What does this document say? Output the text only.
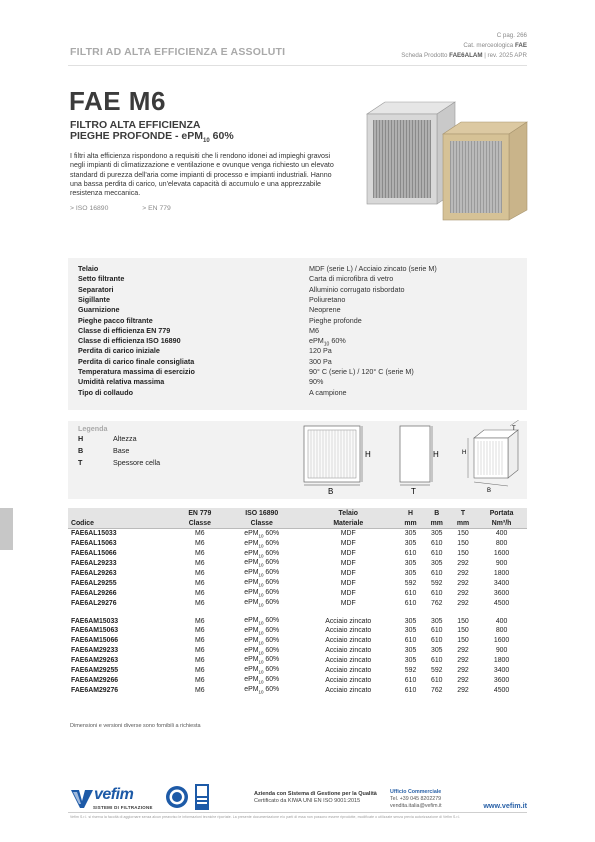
FILTRI AD ALTA EFFICIENZA E ASSOLUTI
C pag. 266
Cat. merceologica FAE
Scheda Prodotto FAE6ALAM | rev. 2025 APR
FAE M6
FILTRO ALTA EFFICIENZA
PIEGHE PROFONDE - ePM$_{10}$ 60%
I filtri alta efficienza rispondono a requisiti che li rendono idonei ad impieghi gravosi negli impianti di climatizzazione e ventilazione e ovunque venga richiesto un elevato standard di purezza dell'aria come impianti di processo e impianti industriali. Hanno una bassa perdita di carico, un'elevata capacità di accumulo e una apprezzabile resistenza meccanica.
> ISO 16890	> EN 779
Telaio	MDF (serie L) / Acciaio zincato (serie M)
Setto filtrante	Carta di microfibra di vetro
Separatori	Alluminio corrugato risbordato
Sigillante	Poliuretano
Guarnizione	Neoprene
Pieghe pacco filtrante	Pieghe profonde
Classe di efficienza EN 779	M6
Classe di efficienza ISO 16890	ePM$_{10}$ 60%
Perdita di carico iniziale	120 Pa
Perdita di carico finale consigliata	300 Pa
Temperatura massima di esercizio	90° C (serie L) / 120° C (serie M)
Umidità relativa massima	90%
Tipo di collaudo	A campione
Legenda
H	Altezza
B	Base
T	Spessore cella
H
B
H
T
H
B
T
	EN 779	ISO 16890	Telaio	H	B	T	Portata
Codice	Classe	Classe	Materiale	mm	mm	mm	Nm³/h
FAE6AL15033	M6	ePM$_{10}$ 60%	MDF	305	305	150	400
FAE6AL15063	M6	ePM$_{10}$ 60%	MDF	305	610	150	800
FAE6AL15066	M6	ePM$_{10}$ 60%	MDF	610	610	150	1600
FAE6AL29233	M6	ePM$_{10}$ 60%	MDF	305	305	292	900
FAE6AL29263	M6	ePM$_{10}$ 60%	MDF	305	610	292	1800
FAE6AL29255	M6	ePM$_{10}$ 60%	MDF	592	592	292	3400
FAE6AL29266	M6	ePM$_{10}$ 60%	MDF	610	610	292	3600
FAE6AL29276	M6	ePM$_{10}$ 60%	MDF	610	762	292	4500

FAE6AM15033	M6	ePM$_{10}$ 60%	Acciaio zincato	305	305	150	400
FAE6AM15063	M6	ePM$_{10}$ 60%	Acciaio zincato	305	610	150	800
FAE6AM15066	M6	ePM$_{10}$ 60%	Acciaio zincato	610	610	150	1600
FAE6AM29233	M6	ePM$_{10}$ 60%	Acciaio zincato	305	305	292	900
FAE6AM29263	M6	ePM$_{10}$ 60%	Acciaio zincato	305	610	292	1800
FAE6AM29255	M6	ePM$_{10}$ 60%	Acciaio zincato	592	592	292	3400
FAE6AM29266	M6	ePM$_{10}$ 60%	Acciaio zincato	610	610	292	3600
FAE6AM29276	M6	ePM$_{10}$ 60%	Acciaio zincato	610	762	292	4500
Dimensioni e versioni diverse sono fornibili a richiesta
vefim
SISTEMI DI FILTRAZIONE
Azienda con Sistema di Gestione per la Qualità
Certificato da KIWA UNI EN ISO 9001:2015
Ufficio Commerciale
Tel. +39 045 8202279
vendita.italia@vefim.it	www.vefim.it
Vefim S.r.l. si riserva la facoltà di aggiornare senza alcun preavviso le informazioni tecniche riportate. La presente documentazione e/o parti di essa non possono essere riprodotte, modificate o utilizzate senza previa autorizzazione di Vefim S.r.l.
